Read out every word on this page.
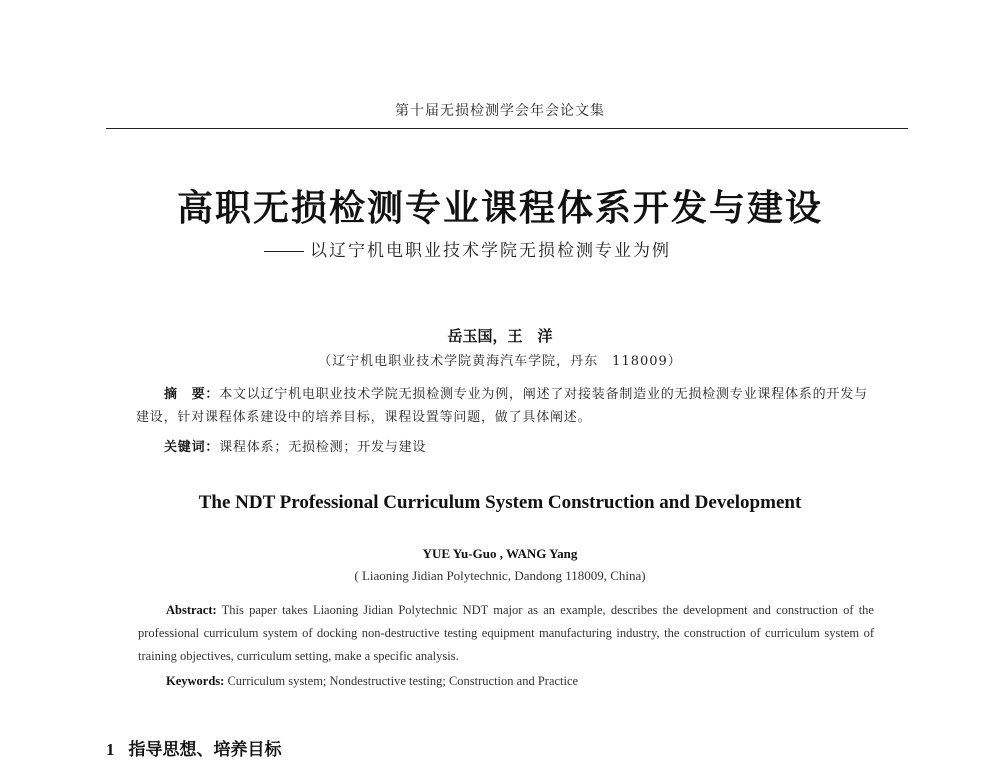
第十届无损检测学会年会论文集
高职无损检测专业课程体系开发与建设
以辽宁机电职业技术学院无损检测专业为例
岳玉国，王　洋
（辽宁机电职业技术学院黄海汽车学院，丹东　118009）
摘　要：本文以辽宁机电职业技术学院无损检测专业为例，阐述了对接装备制造业的无损检测专业课程体系的开发与建设，针对课程体系建设中的培养目标，课程设置等问题，做了具体阐述。
关键词：课程体系；无损检测；开发与建设
The NDT Professional Curriculum System Construction and Development
YUE Yu-Guo , WANG Yang
( Liaoning Jidian Polytechnic, Dandong 118009, China)
Abstract: This paper takes Liaoning Jidian Polytechnic NDT major as an example, describes the development and construction of the professional curriculum system of docking non-destructive testing equipment manufacturing industry, the construction of curriculum system of training objectives, curriculum setting, make a specific analysis.
Keywords: Curriculum system; Nondestructive testing; Construction and Practice
1 指导思想、培养目标
